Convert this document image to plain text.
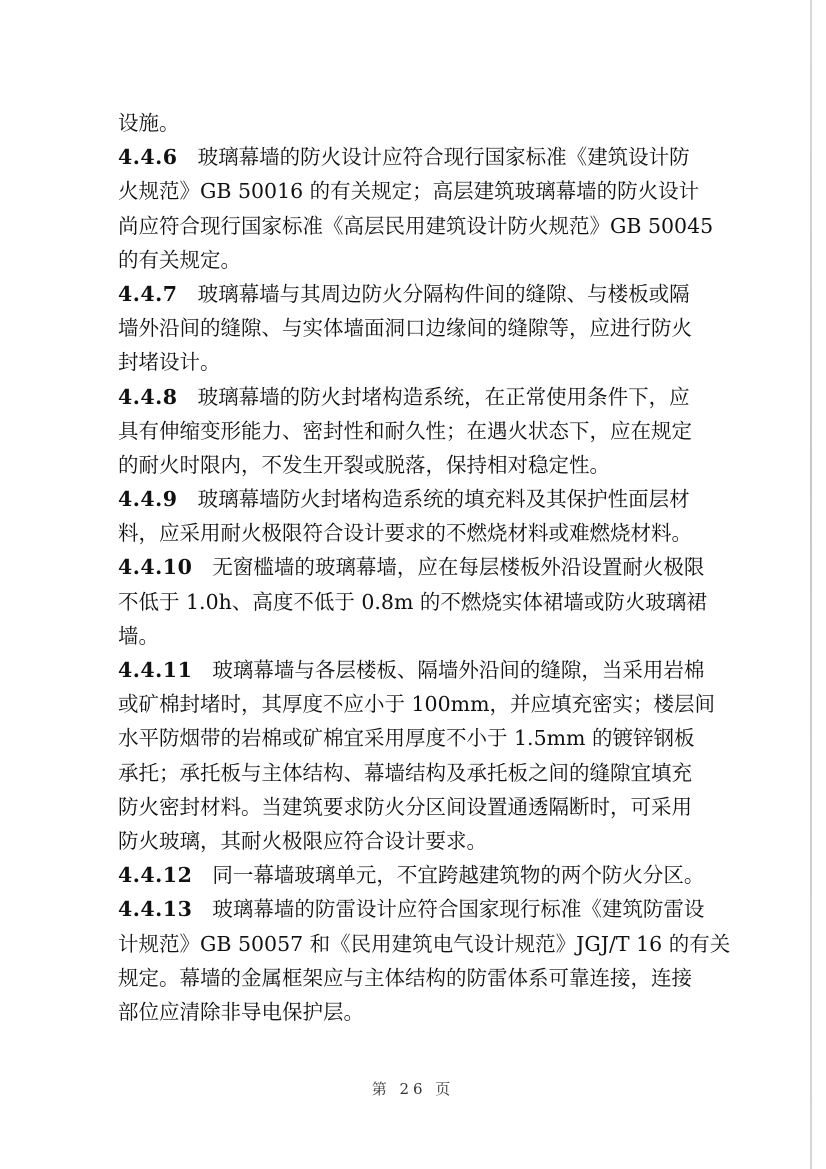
设施。
4.4.6 玻璃幕墙的防火设计应符合现行国家标准《建筑设计防
火规范》GB 50016 的有关规定；高层建筑玻璃幕墙的防火设计
尚应符合现行国家标准《高层民用建筑设计防火规范》GB 50045
的有关规定。
4.4.7 玻璃幕墙与其周边防火分隔构件间的缝隙、与楼板或隔
墙外沿间的缝隙、与实体墙面洞口边缘间的缝隙等，应进行防火
封堵设计。
4.4.8 玻璃幕墙的防火封堵构造系统，在正常使用条件下，应
具有伸缩变形能力、密封性和耐久性；在遇火状态下，应在规定
的耐火时限内，不发生开裂或脱落，保持相对稳定性。
4.4.9 玻璃幕墙防火封堵构造系统的填充料及其保护性面层材
料，应采用耐火极限符合设计要求的不燃烧材料或难燃烧材料。
4.4.10 无窗槛墙的玻璃幕墙，应在每层楼板外沿设置耐火极限
不低于 1.0h、高度不低于 0.8m 的不燃烧实体裙墙或防火玻璃裙
墙。
4.4.11 玻璃幕墙与各层楼板、隔墙外沿间的缝隙，当采用岩棉
或矿棉封堵时，其厚度不应小于 100mm，并应填充密实；楼层间
水平防烟带的岩棉或矿棉宜采用厚度不小于 1.5mm 的镀锌钢板
承托；承托板与主体结构、幕墙结构及承托板之间的缝隙宜填充
防火密封材料。当建筑要求防火分区间设置通透隔断时，可采用
防火玻璃，其耐火极限应符合设计要求。
4.4.12 同一幕墙玻璃单元，不宜跨越建筑物的两个防火分区。
4.4.13 玻璃幕墙的防雷设计应符合国家现行标准《建筑防雷设
计规范》GB 50057 和《民用建筑电气设计规范》JGJ/T 16 的有关
规定。幕墙的金属框架应与主体结构的防雷体系可靠连接，连接
部位应清除非导电保护层。
第 26 页
